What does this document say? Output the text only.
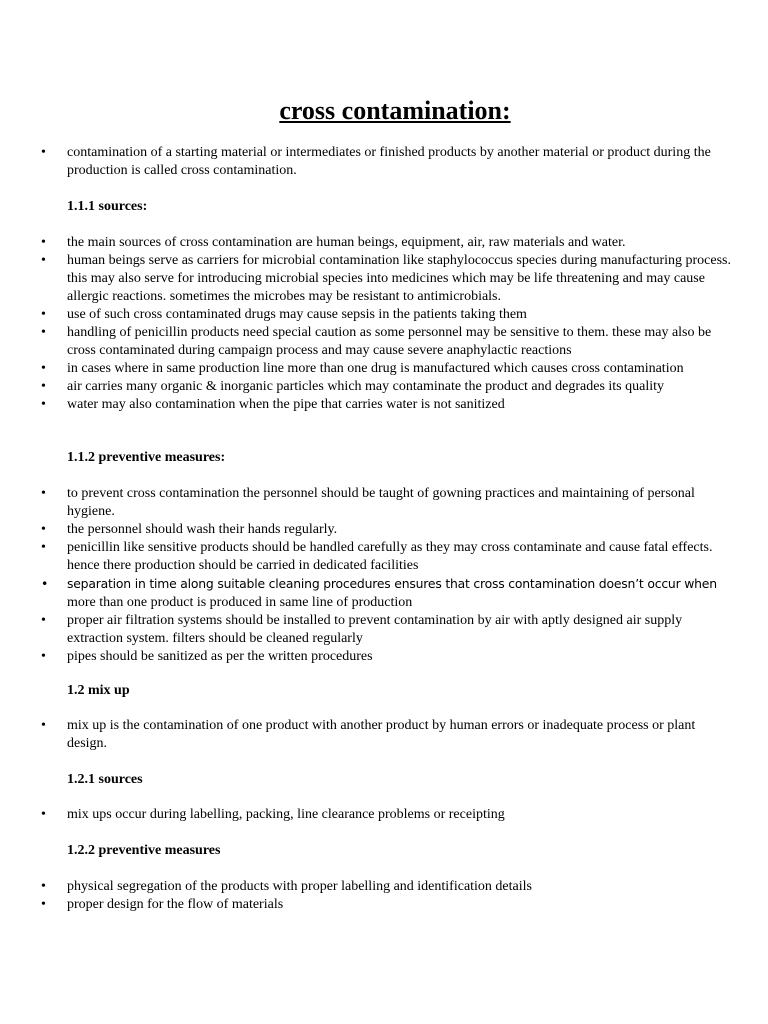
cross contamination:
• contamination of a starting material or intermediates or finished products by another material or product during the production is called cross contamination.
1.1.1 sources:
• the main sources of cross contamination are human beings, equipment, air, raw materials and water.
• human beings serve as carriers for microbial contamination like staphylococcus species during manufacturing process. this may also serve for introducing microbial species into medicines which may be life threatening and may cause allergic reactions. sometimes the microbes may be resistant to antimicrobials.
• use of such cross contaminated drugs may cause sepsis in the patients taking them
• handling of penicillin products need special caution as some personnel may be sensitive to them. these may also be cross contaminated during campaign process and may cause severe anaphylactic reactions
• in cases where in same production line more than one drug is manufactured which causes cross contamination
• air carries many organic & inorganic particles which may contaminate the product and degrades its quality
• water may also contamination when the pipe that carries water is not sanitized
1.1.2 preventive measures:
• to prevent cross contamination the personnel should be taught of gowning practices and maintaining of personal hygiene.
• the personnel should wash their hands regularly.
• penicillin like sensitive products should be handled carefully as they may cross contaminate and cause fatal effects. hence there production should be carried in dedicated facilities
• separation in time along suitable cleaning procedures ensures that cross contamination doesn’t occur when
more than one product is produced in same line of production
• proper air filtration systems should be installed to prevent contamination by air with aptly designed air supply extraction system. filters should be cleaned regularly
• pipes should be sanitized as per the written procedures
1.2 mix up
• mix up is the contamination of one product with another product by human errors or inadequate process or plant design.
1.2.1 sources
• mix ups occur during labelling, packing, line clearance problems or receipting
1.2.2 preventive measures
• physical segregation of the products with proper labelling and identification details
• proper design for the flow of materials
